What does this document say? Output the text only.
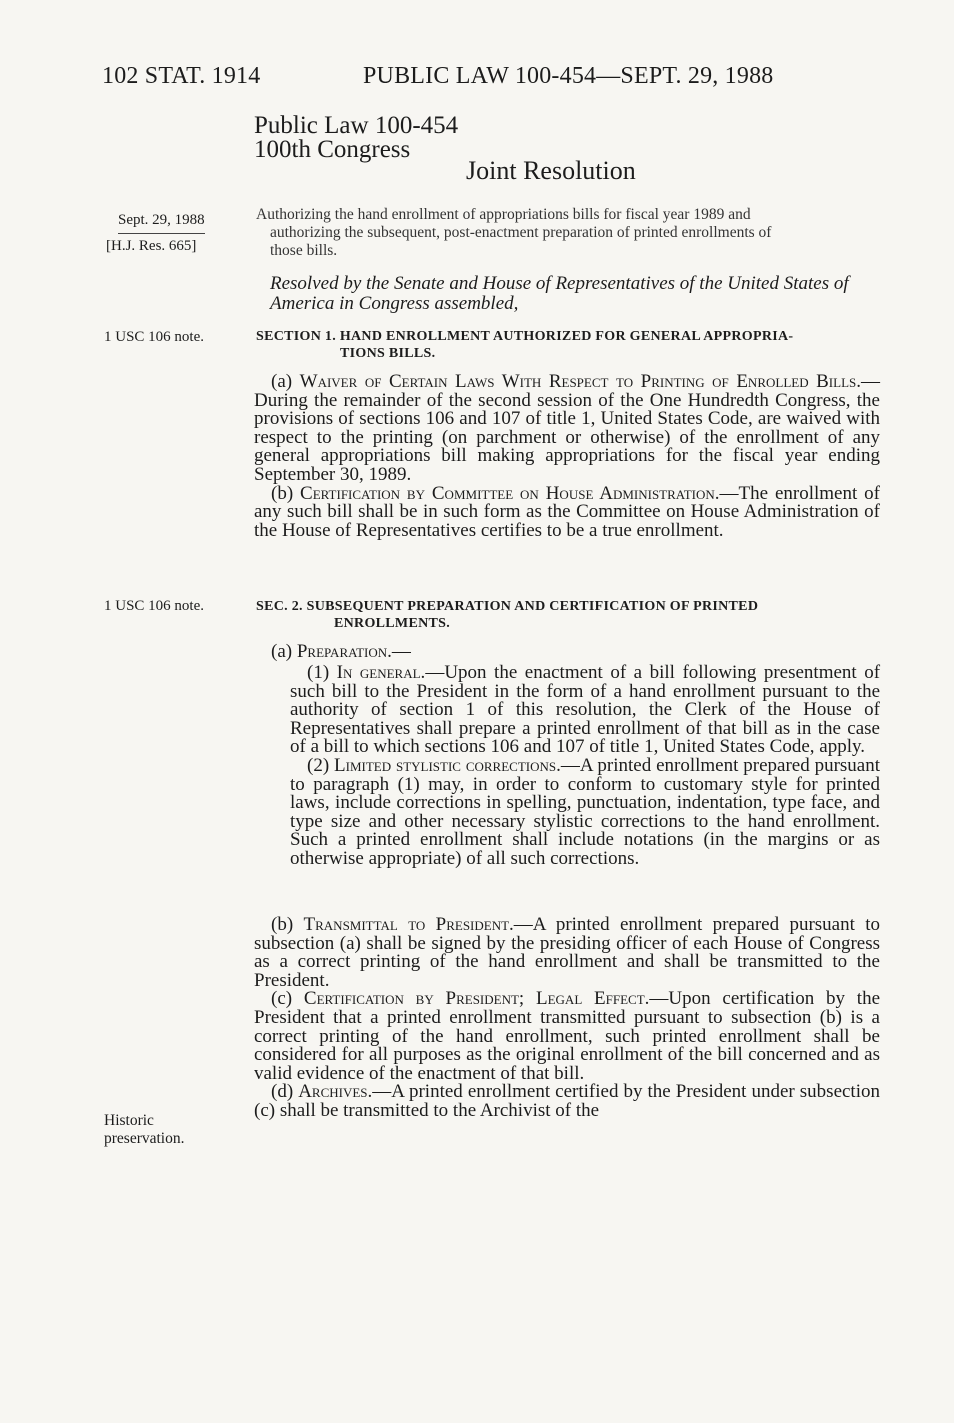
102 STAT. 1914	PUBLIC LAW 100-454—SEPT. 29, 1988
Public Law 100-454
100th Congress
Joint Resolution
Sept. 29, 1988

[H.J. Res. 665]
Authorizing the hand enrollment of appropriations bills for fiscal year 1989 and
authorizing the subsequent, post-enactment preparation of printed enrollments of
those bills.
Resolved by the Senate and House of Representatives of the United States of America in Congress assembled,
1 USC 106 note.	SECTION 1. HAND ENROLLMENT AUTHORIZED FOR GENERAL APPROPRIA-
TIONS BILLS.

(a) Waiver of Certain Laws With Respect to Printing of Enrolled Bills.—During the remainder of the second session of the One Hundredth Congress, the provisions of sections 106 and 107 of title 1, United States Code, are waived with respect to the printing (on parchment or otherwise) of the enrollment of any general appropriations bill making appropriations for the fiscal year ending September 30, 1989.

(b) Certification by Committee on House Administration.—The enrollment of any such bill shall be in such form as the Committee on House Administration of the House of Representatives certifies to be a true enrollment.

1 USC 106 note.	SEC. 2. SUBSEQUENT PREPARATION AND CERTIFICATION OF PRINTED
ENROLLMENTS.

(a) Preparation.—

(1) In general.—Upon the enactment of a bill following presentment of such bill to the President in the form of a hand enrollment pursuant to the authority of section 1 of this resolution, the Clerk of the House of Representatives shall prepare a printed enrollment of that bill as in the case of a bill to which sections 106 and 107 of title 1, United States Code, apply.

(2) Limited stylistic corrections.—A printed enrollment prepared pursuant to paragraph (1) may, in order to conform to customary style for printed laws, include corrections in spelling, punctuation, indentation, type face, and type size and other necessary stylistic corrections to the hand enrollment. Such a printed enrollment shall include notations (in the margins or as otherwise appropriate) of all such corrections.

(b) Transmittal to President.—A printed enrollment prepared pursuant to subsection (a) shall be signed by the presiding officer of each House of Congress as a correct printing of the hand enrollment and shall be transmitted to the President.

(c) Certification by President; Legal Effect.—Upon certification by the President that a printed enrollment transmitted pursuant to subsection (b) is a correct printing of the hand enrollment, such printed enrollment shall be considered for all purposes as the original enrollment of the bill concerned and as valid evidence of the enactment of that bill.

(d) Archives.—A printed enrollment certified by the President under subsection (c) shall be transmitted to the Archivist of the

Historic
preservation.
